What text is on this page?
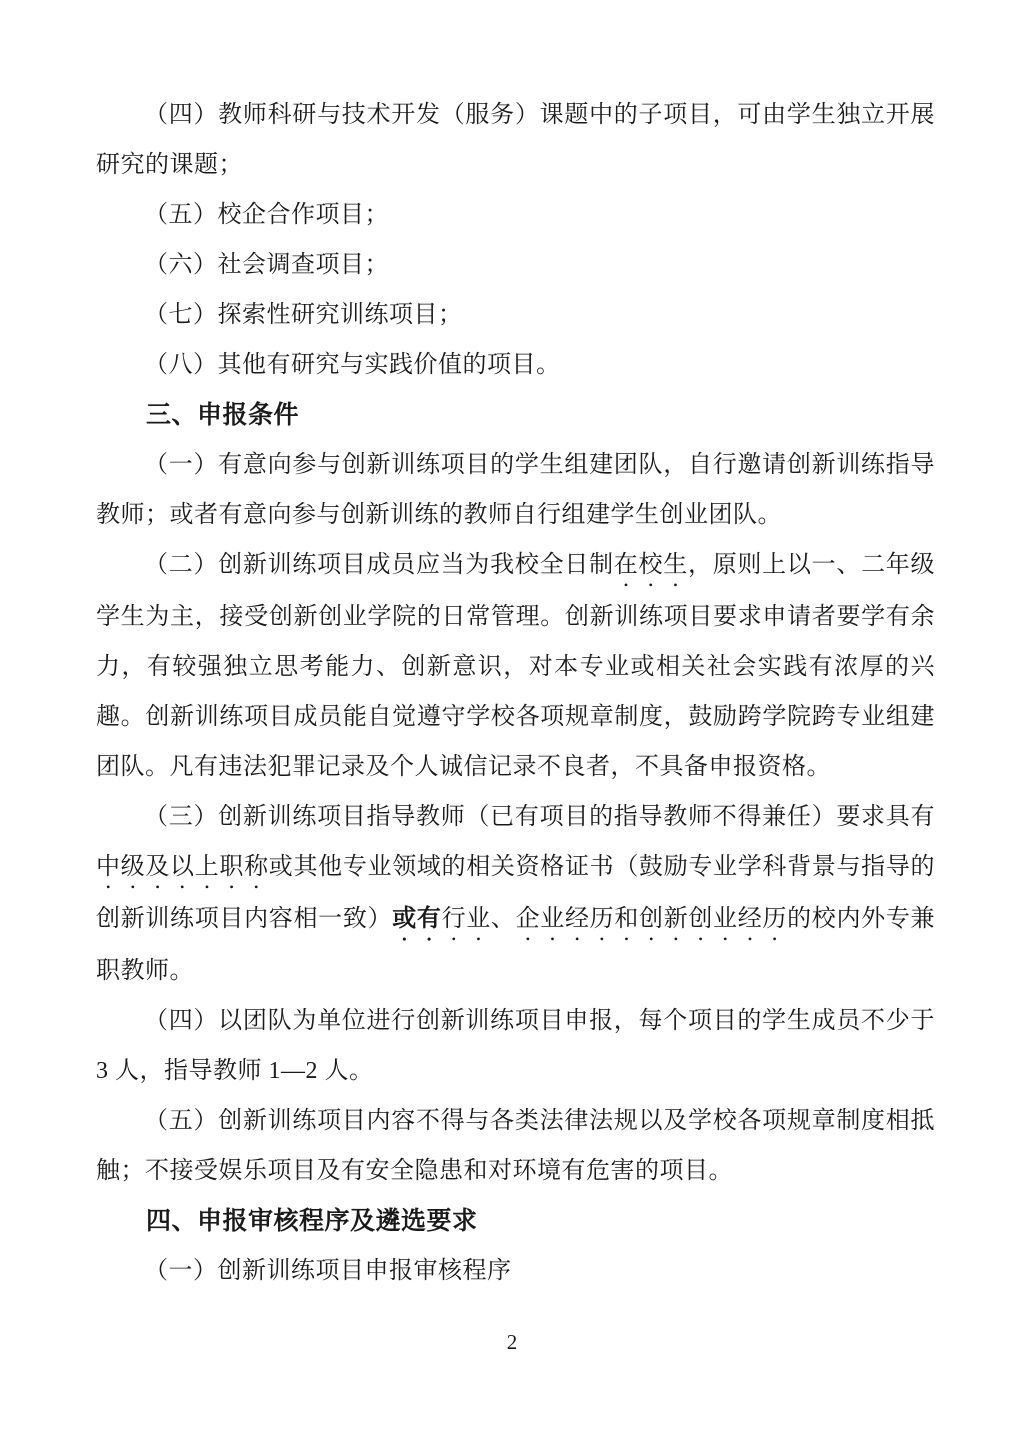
（四）教师科研与技术开发（服务）课题中的子项目，可由学生独立开展研究的课题；

（五）校企合作项目；

（六）社会调查项目；

（七）探索性研究训练项目；

（八）其他有研究与实践价值的项目。

三、申报条件

（一）有意向参与创新训练项目的学生组建团队，自行邀请创新训练指导教师；或者有意向参与创新训练的教师自行组建学生创业团队。

（二）创新训练项目成员应当为我校全日制在校生，原则上以一、二年级学生为主，接受创新创业学院的日常管理。创新训练项目要求申请者要学有余力，有较强独立思考能力、创新意识，对本专业或相关社会实践有浓厚的兴趣。创新训练项目成员能自觉遵守学校各项规章制度，鼓励跨学院跨专业组建团队。凡有违法犯罪记录及个人诚信记录不良者，不具备申报资格。

（三）创新训练项目指导教师（已有项目的指导教师不得兼任）要求具有中级及以上职称或其他专业领域的相关资格证书（鼓励专业学科背景与指导的创新训练项目内容相一致）或有行业、企业经历和创新创业经历的校内外专兼职教师。

（四）以团队为单位进行创新训练项目申报，每个项目的学生成员不少于 3 人，指导教师 1—2 人。

（五）创新训练项目内容不得与各类法律法规以及学校各项规章制度相抵触；不接受娱乐项目及有安全隐患和对环境有危害的项目。

四、申报审核程序及遴选要求

（一）创新训练项目申报审核程序

2
